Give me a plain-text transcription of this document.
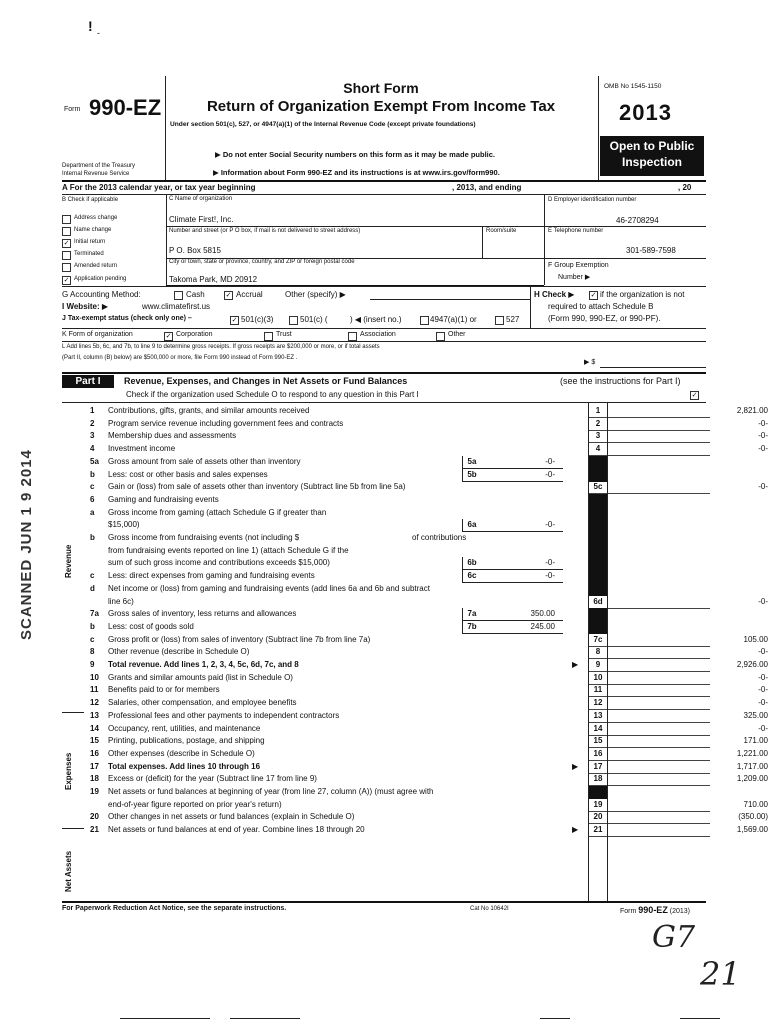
! -
Form 990-EZ
Department of the Treasury
Internal Revenue Service
Short Form
Return of Organization Exempt From Income Tax
Under section 501(c), 527, or 4947(a)(1) of the Internal Revenue Code (except private foundations)
▶ Do not enter Social Security numbers on this form as it may be made public.
▶ Information about Form 990-EZ and its instructions is at www.irs.gov/form990.
OMB No 1545-1150
2013
Open to Public
Inspection
A For the 2013 calendar year, or tax year beginning	, 2013, and ending	, 20
B Check if applicable
Address change
Name change
✓ Initial return
Terminated
Amended return
✓ Application pending
C Name of organization
Climate First!, Inc.
Number and street (or P O box, if mail is not delivered to street address)	Room/suite
P O. Box 5815
City or town, state or province, country, and ZIP or foreign postal code
Takoma Park, MD 20912
D Employer identification number
46-2708294
E Telephone number
301-589-7598
F Group Exemption
Number ▶
G Accounting Method:	Cash	✓ Accrual	Other (specify) ▶	H Check ▶ ✓ if the organization is not
required to attach Schedule B
(Form 990, 990-EZ, or 990-PF).
I Website: ▶	www.climatefirst.us
J Tax-exempt status (check only one) –	✓ 501(c)(3)	501(c) (	) ◀ (insert no.)	4947(a)(1) or	527
K Form of organization	✓ Corporation	Trust	Association	Other
L Add lines 5b, 6c, and 7b, to line 9 to determine gross receipts. If gross receipts are $200,000 or more, or if total assets
(Part II, column (B) below) are $500,000 or more, file Form 990 instead of Form 990-EZ .
▶ $
Part I	Revenue, Expenses, and Changes in Net Assets or Fund Balances	(see the instructions for Part I)
Check if the organization used Schedule O to respond to any question in this Part I	✓
Revenue
Expenses
Net Assets
1 Contributions, gifts, grants, and similar amounts received	1	2,821.00
2 Program service revenue including government fees and contracts	2	-0-
3 Membership dues and assessments	3	-0-
4 Investment income	4	-0-
5a Gross amount from sale of assets other than inventory	5a	-0-
b Less: cost or other basis and sales expenses	5b	-0-
c Gain or (loss) from sale of assets other than inventory (Subtract line 5b from line 5a)	5c	-0-
6 Gaming and fundraising events
a Gross income from gaming (attach Schedule G if greater than
$15,000)	6a	-0-
b Gross income from fundraising events (not including $	of contributions
from fundraising events reported on line 1) (attach Schedule G if the
sum of such gross income and contributions exceeds $15,000)	6b	-0-
c Less: direct expenses from gaming and fundraising events	6c	-0-
d Net income or (loss) from gaming and fundraising events (add lines 6a and 6b and subtract
line 6c)	6d	-0-
7a Gross sales of inventory, less returns and allowances	7a	350.00
b Less: cost of goods sold	7b	245.00
c Gross profit or (loss) from sales of inventory (Subtract line 7b from line 7a)	7c	105.00
8 Other revenue (describe in Schedule O)	8	-0-
9 Total revenue. Add lines 1, 2, 3, 4, 5c, 6d, 7c, and 8	▶	9	2,926.00
10 Grants and similar amounts paid (list in Schedule O)	10	-0-
11 Benefits paid to or for members	11	-0-
12 Salaries, other compensation, and employee benefits	12	-0-
13 Professional fees and other payments to independent contractors	13	325.00
14 Occupancy, rent, utilities, and maintenance	14	-0-
15 Printing, publications, postage, and shipping	15	171.00
16 Other expenses (describe in Schedule O)	16	1,221.00
17 Total expenses. Add lines 10 through 16	▶	17	1,717.00
18 Excess or (deficit) for the year (Subtract line 17 from line 9)	18	1,209.00
19 Net assets or fund balances at beginning of year (from line 27, column (A)) (must agree with
end-of-year figure reported on prior year's return)	19	710.00
20 Other changes in net assets or fund balances (explain in Schedule O)	20	(350.00)
21 Net assets or fund balances at end of year. Combine lines 18 through 20	▶	21	1,569.00
For Paperwork Reduction Act Notice, see the separate instructions.	Cat No 10642I	Form 990-EZ (2013)
SCANNED JUN 1 9 2014
G7
21
